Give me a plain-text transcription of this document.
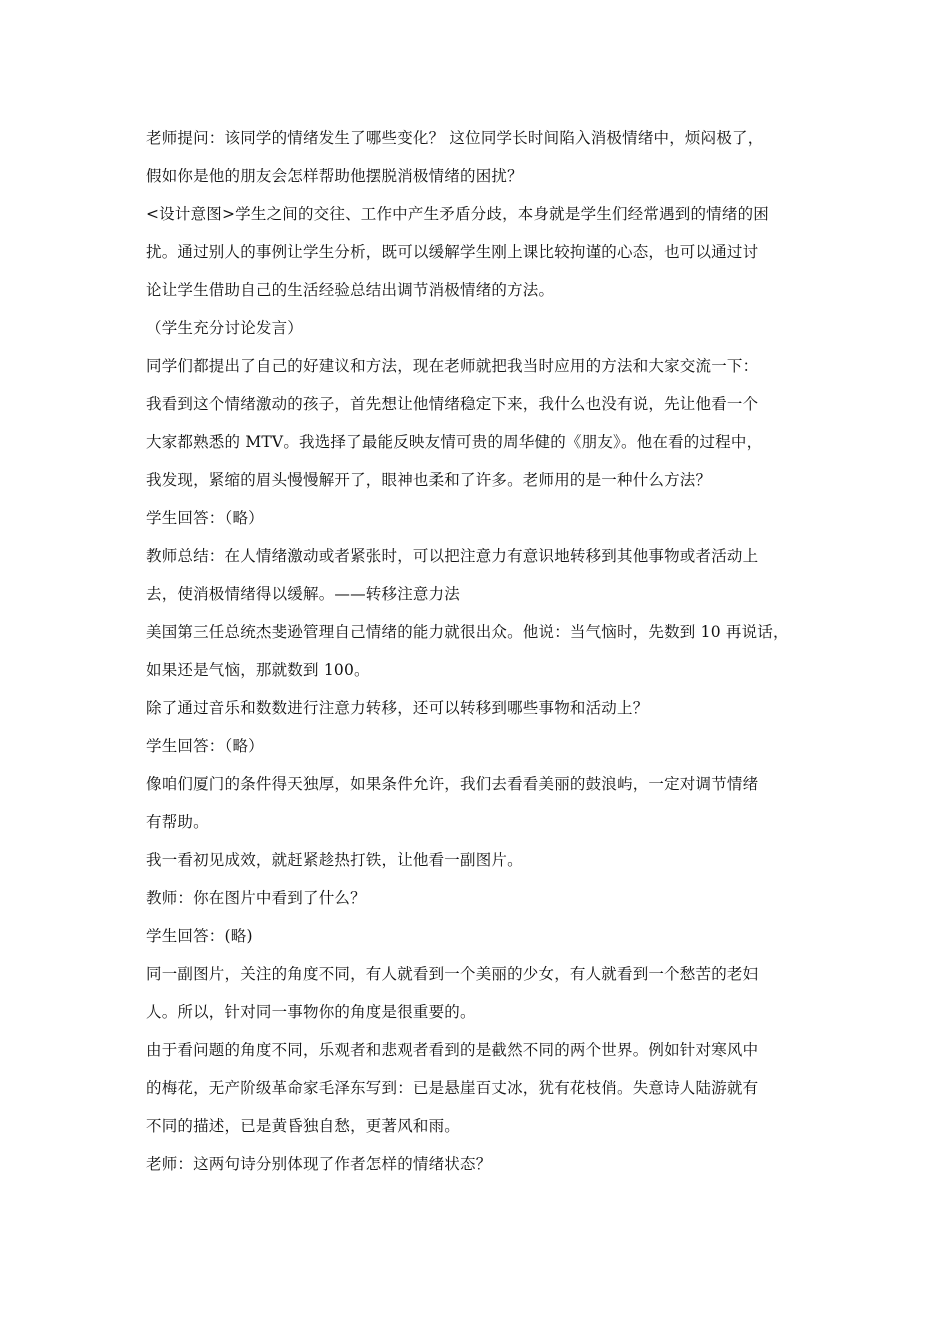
老师提问：该同学的情绪发生了哪些变化？ 这位同学长时间陷入消极情绪中，烦闷极了，
假如你是他的朋友会怎样帮助他摆脱消极情绪的困扰？
<设计意图>学生之间的交往、工作中产生矛盾分歧，本身就是学生们经常遇到的情绪的困
扰。通过别人的事例让学生分析，既可以缓解学生刚上课比较拘谨的心态，也可以通过讨
论让学生借助自己的生活经验总结出调节消极情绪的方法。
（学生充分讨论发言）
同学们都提出了自己的好建议和方法，现在老师就把我当时应用的方法和大家交流一下：
我看到这个情绪激动的孩子，首先想让他情绪稳定下来，我什么也没有说，先让他看一个
大家都熟悉的 MTV。我选择了最能反映友情可贵的周华健的《朋友》。他在看的过程中，
我发现，紧缩的眉头慢慢解开了，眼神也柔和了许多。老师用的是一种什么方法？
学生回答：（略）
教师总结：在人情绪激动或者紧张时，可以把注意力有意识地转移到其他事物或者活动上
去，使消极情绪得以缓解。——转移注意力法
美国第三任总统杰斐逊管理自己情绪的能力就很出众。他说：当气恼时，先数到 10 再说话，
如果还是气恼，那就数到 100。
除了通过音乐和数数进行注意力转移，还可以转移到哪些事物和活动上？
学生回答：（略）
像咱们厦门的条件得天独厚，如果条件允许，我们去看看美丽的鼓浪屿，一定对调节情绪
有帮助。
我一看初见成效，就赶紧趁热打铁，让他看一副图片。
教师：你在图片中看到了什么？
学生回答：(略)
同一副图片，关注的角度不同，有人就看到一个美丽的少女，有人就看到一个愁苦的老妇
人。所以，针对同一事物你的角度是很重要的。
由于看问题的角度不同，乐观者和悲观者看到的是截然不同的两个世界。例如针对寒风中
的梅花，无产阶级革命家毛泽东写到：已是悬崖百丈冰，犹有花枝俏。失意诗人陆游就有
不同的描述，已是黄昏独自愁，更著风和雨。
老师：这两句诗分别体现了作者怎样的情绪状态？
